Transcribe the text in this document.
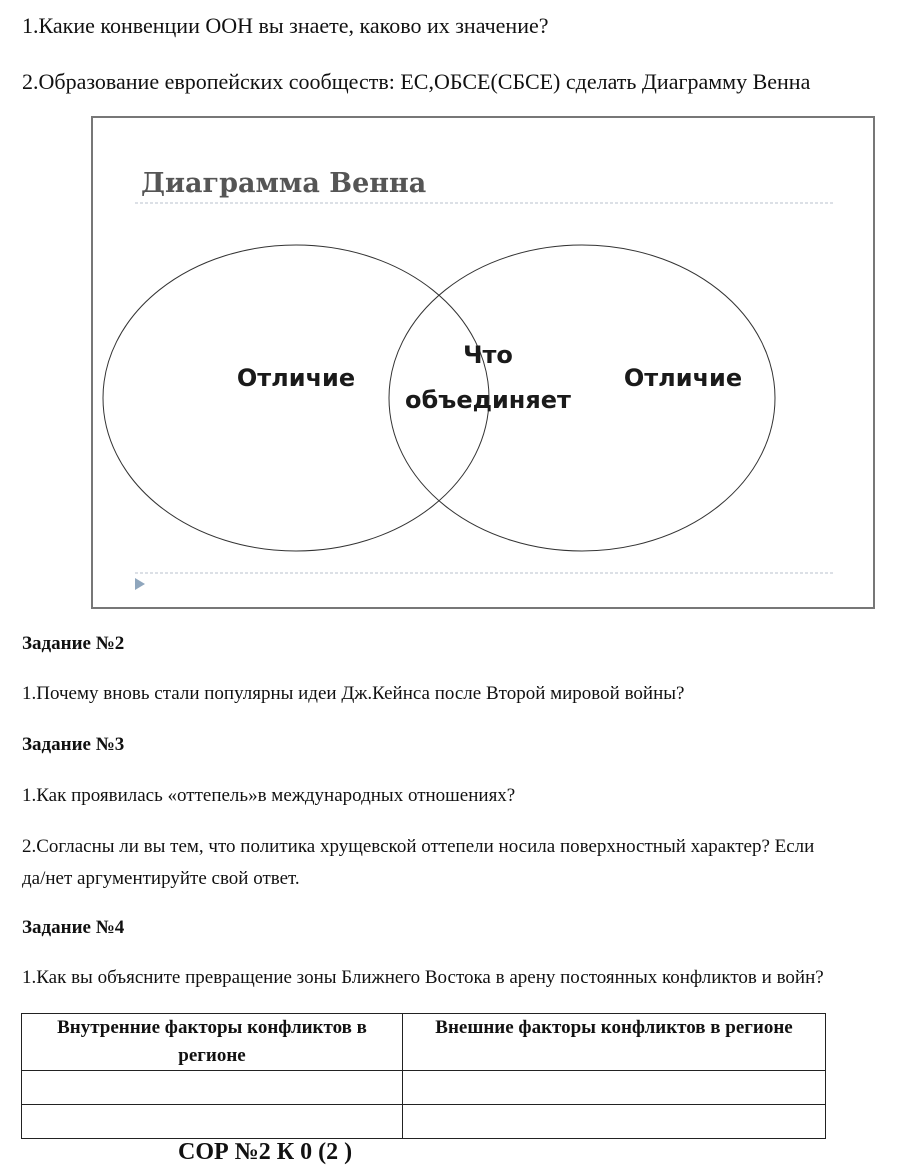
1.Какие конвенции ООН вы знаете, каково их значение?
2.Образование европейских сообществ: ЕС,ОБСЕ(СБСЕ) сделать Диаграмму Венна
Диаграмма Венна
Отличие
Что
объединяет
Отличие
Задание №2
1.Почему вновь стали популярны идеи Дж.Кейнса после Второй мировой войны?
Задание №3
1.Как проявилась «оттепель»в международных отношениях?
2.Согласны ли вы тем, что политика хрущевской оттепели носила поверхностный характер? Если
да/нет аргументируйте свой ответ.
Задание №4
1.Как вы объясните превращение зоны Ближнего Востока в арену постоянных конфликтов и войн?
Внутренние факторы конфликтов в регионе	Внешние факторы конфликтов в регионе

СОР №2 К 0 (2 )
